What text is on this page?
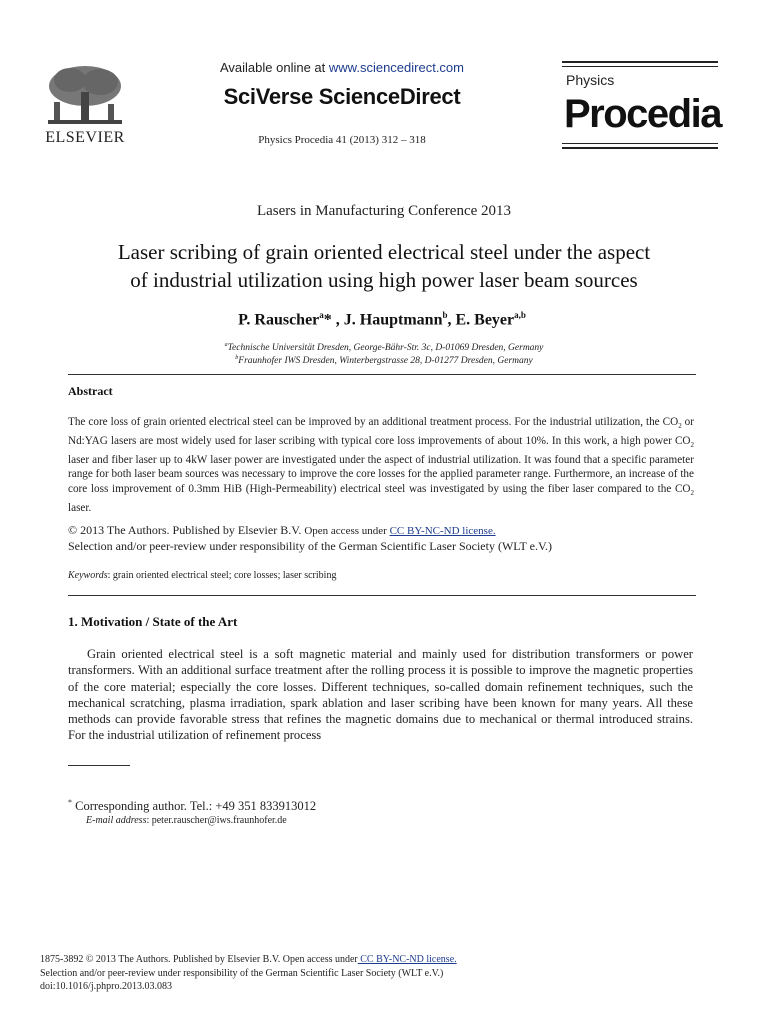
ELSEVIER
Available online at www.sciencedirect.com
SciVerse ScienceDirect
Physics Procedia 41 (2013) 312 – 318
Physics
Procedia
Lasers in Manufacturing Conference 2013
Laser scribing of grain oriented electrical steel under the aspect
of industrial utilization using high power laser beam sources
P. Rauscher$^a$* , J. Hauptmann$^b$, E. Beyer$^{a,b}$
$^a$Technische Universität Dresden, George-Bähr-Str. 3c, D-01069 Dresden, Germany
$^b$Fraunhofer IWS Dresden, Winterbergstrasse 28, D-01277 Dresden, Germany
Abstract
The core loss of grain oriented electrical steel can be improved by an additional treatment process. For the industrial utilization, the $CO_2$ or Nd:YAG lasers are most widely used for laser scribing with typical core loss improvements of about 10%. In this work, a high power $CO_2$ laser and fiber laser up to 4kW laser power are investigated under the aspect of industrial utilization. It was found that a specific parameter range for both laser beam sources was necessary to improve the core losses for the applied parameter range. Furthermore, an increase of the core loss improvement of 0.3mm HiB (High-Permeability) electrical steel was investigated by using the fiber laser compared to the $CO_2$ laser.
© 2013 The Authors. Published by Elsevier B.V. Open access under CC BY-NC-ND license.
Selection and/or peer-review under responsibility of the German Scientific Laser Society (WLT e.V.)
Keywords: grain oriented electrical steel; core losses; laser scribing
1. Motivation / State of the Art
Grain oriented electrical steel is a soft magnetic material and mainly used for distribution transformers or power transformers. With an additional surface treatment after the rolling process it is possible to improve the magnetic properties of the core material; especially the core losses. Different techniques, so-called domain refinement techniques, such the mechanical scratching, plasma irradiation, spark ablation and laser scribing have been known for many years. All these methods can provide favorable stress that refines the magnetic domains due to mechanical or thermal introduced strains. For the industrial utilization of refinement process
* Corresponding author. Tel.: +49 351 833913012
E-mail address: peter.rauscher@iws.fraunhofer.de
1875-3892 © 2013 The Authors. Published by Elsevier B.V. Open access under CC BY-NC-ND license.
Selection and/or peer-review under responsibility of the German Scientific Laser Society (WLT e.V.)
doi:10.1016/j.phpro.2013.03.083
